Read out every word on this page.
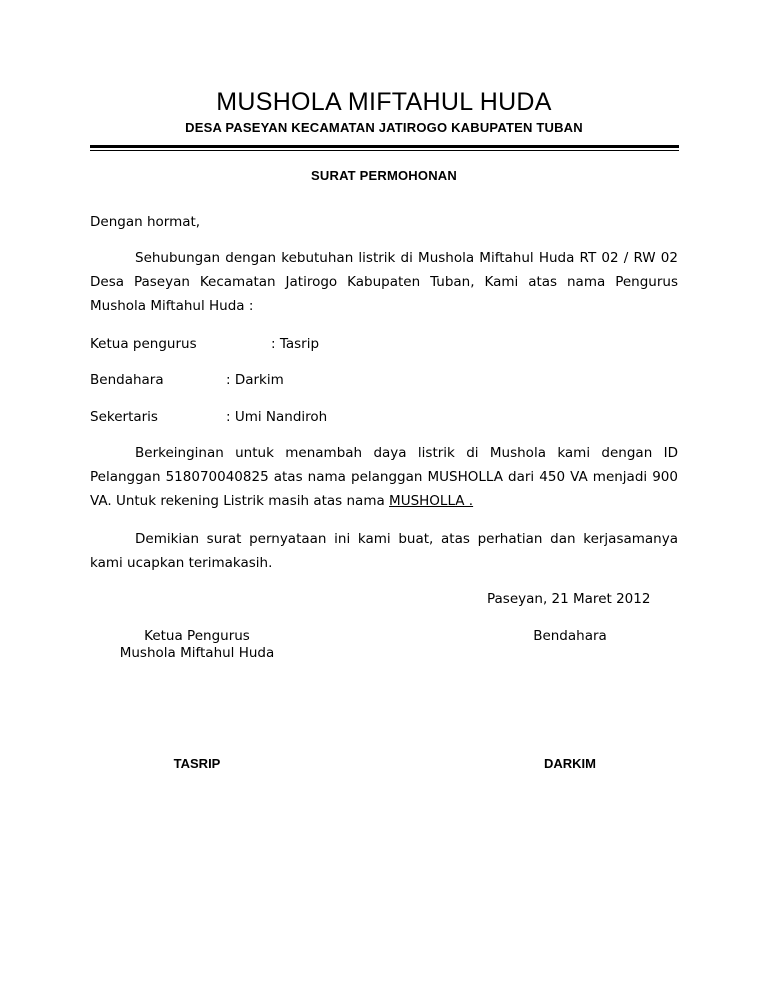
MUSHOLA MIFTAHUL HUDA
DESA PASEYAN KECAMATAN JATIROGO KABUPATEN TUBAN
SURAT PERMOHONAN
Dengan hormat,
Sehubungan dengan kebutuhan listrik di Mushola Miftahul Huda RT 02 / RW 02 Desa Paseyan Kecamatan Jatirogo Kabupaten Tuban, Kami atas nama Pengurus Mushola Miftahul Huda :
Ketua pengurus	: Tasrip
Bendahara	: Darkim
Sekertaris	: Umi Nandiroh
Berkeinginan untuk menambah daya listrik di Mushola kami dengan ID Pelanggan 518070040825 atas nama pelanggan MUSHOLLA dari 450 VA menjadi 900 VA. Untuk rekening Listrik masih atas nama MUSHOLLA .
Demikian surat pernyataan ini kami buat, atas perhatian dan kerjasamanya kami ucapkan terimakasih.
Paseyan, 21 Maret 2012
Ketua Pengurus
Mushola Miftahul Huda
Bendahara
TASRIP	DARKIM
